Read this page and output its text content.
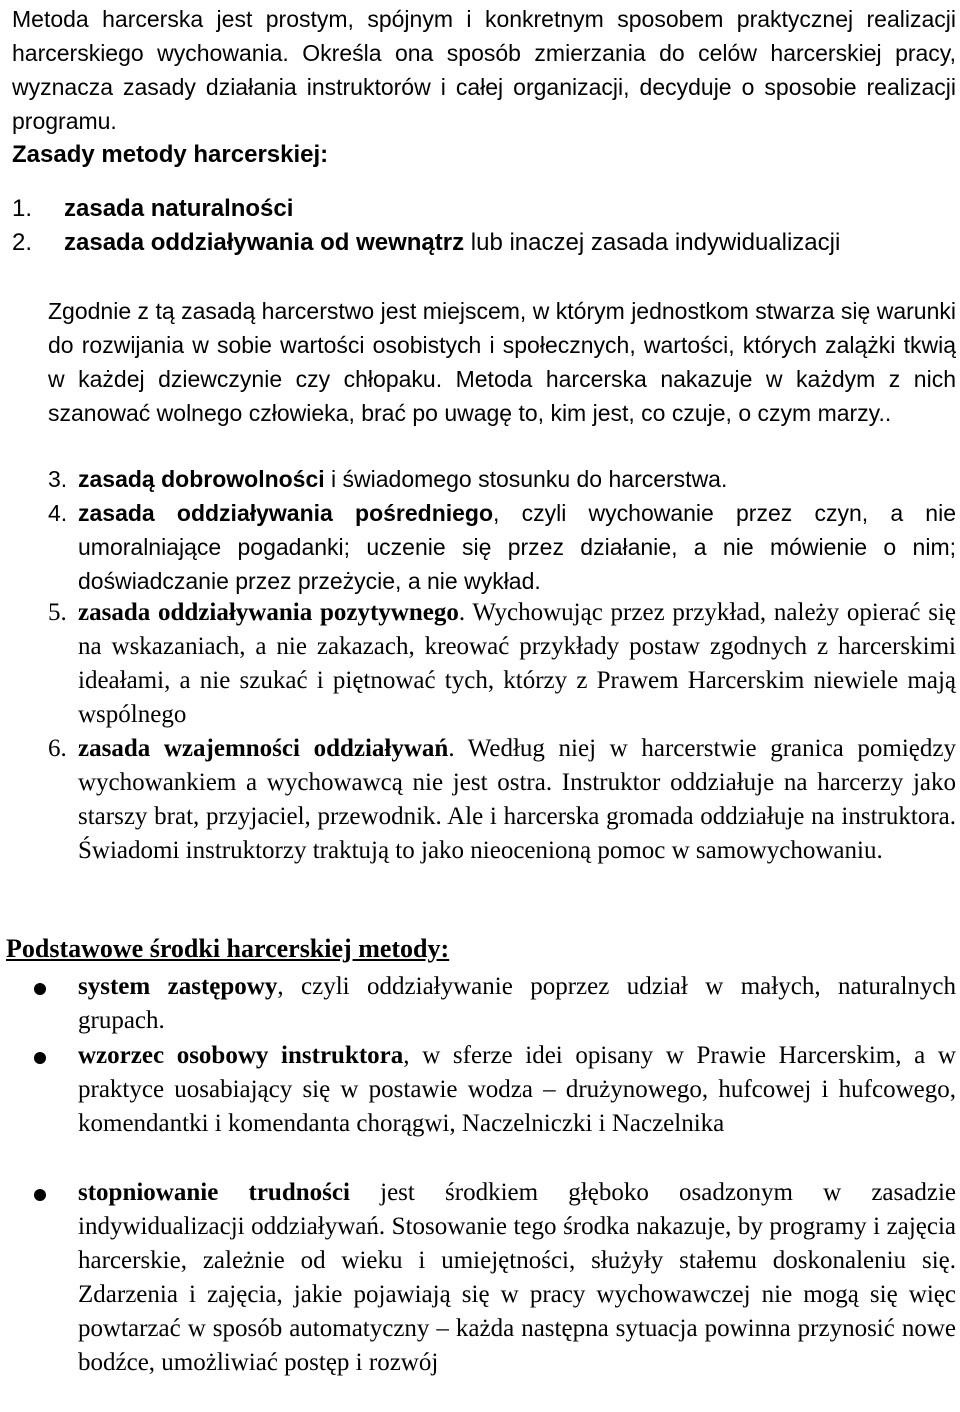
Metoda harcerska jest prostym, spójnym i konkretnym sposobem praktycznej realizacji harcerskiego wychowania. Określa ona sposób zmierzania do celów harcerskiej pracy, wyznacza zasady działania instruktorów i całej organizacji, decyduje o sposobie realizacji programu.

Zasady metody harcerskiej:

1.	zasada naturalności
2.	zasada oddziaływania od wewnątrz lub inaczej zasada indywidualizacji
Zgodnie z tą zasadą harcerstwo jest miejscem, w którym jednostkom stwarza się warunki do rozwijania w sobie wartości osobistych i społecznych, wartości, których zalążki tkwią w każdej dziewczynie czy chłopaku. Metoda harcerska nakazuje w każdym z nich szanować wolnego człowieka, brać po uwagę to, kim jest, co czuje, o czym marzy..
3. zasadą dobrowolności i świadomego stosunku do harcerstwa.
4. zasada oddziaływania pośredniego, czyli wychowanie przez czyn, a nie umoralniające pogadanki; uczenie się przez działanie, a nie mówienie o nim; doświadczanie przez przeżycie, a nie wykład.
5. zasada oddziaływania pozytywnego. Wychowując przez przykład, należy opierać się na wskazaniach, a nie zakazach, kreować przykłady postaw zgodnych z harcerskimi ideałami, a nie szukać i piętnować tych, którzy z Prawem Harcerskim niewiele mają wspólnego
6. zasada wzajemności oddziaływań. Według niej w harcerstwie granica pomiędzy wychowankiem a wychowawcą nie jest ostra. Instruktor oddziałuje na harcerzy jako starszy brat, przyjaciel, przewodnik. Ale i harcerska gromada oddziałuje na instruktora. Świadomi instruktorzy traktują to jako nieocenioną pomoc w samowychowaniu.
Podstawowe środki harcerskiej metody:
system zastępowy, czyli oddziaływanie poprzez udział w małych, naturalnych grupach.
wzorzec osobowy instruktora, w sferze idei opisany w Prawie Harcerskim, a w praktyce uosabiający się w postawie wodza – drużynowego, hufcowej i hufcowego, komendantki i komendanta chorągwi, Naczelniczki i Naczelnika
stopniowanie trudności jest środkiem głęboko osadzonym w zasadzie indywidualizacji oddziaływań. Stosowanie tego środka nakazuje, by programy i zajęcia harcerskie, zależnie od wieku i umiejętności, służyły stałemu doskonaleniu się. Zdarzenia i zajęcia, jakie pojawiają się w pracy wychowawczej nie mogą się więc powtarzać w sposób automatyczny – każda następna sytuacja powinna przynosić nowe bodźce, umożliwiać postęp i rozwój
